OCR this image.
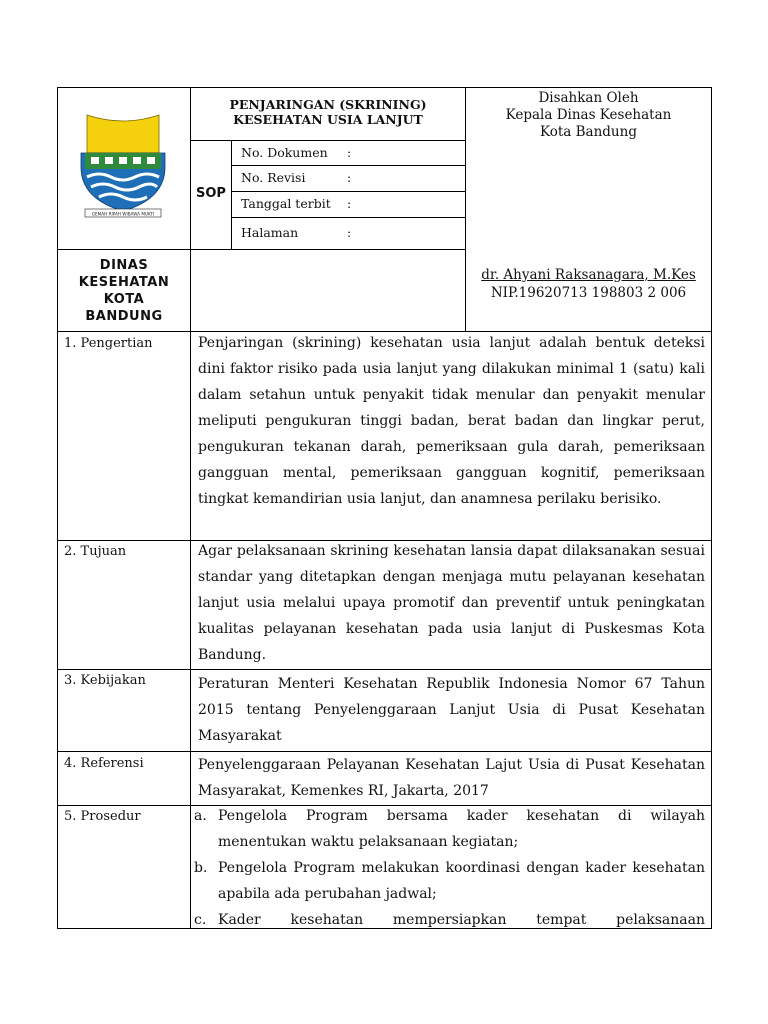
GEMAH RIPAH WIBAWA MUKTI
PENJARINGAN (SKRINING)
KESEHATAN USIA LANJUT
SOP
No. Dokumen :
No. Revisi	:
Tanggal terbit :
Halaman	:
Disahkan Oleh
Kepala Dinas Kesehatan
Kota Bandung
dr. Ahyani Raksanagara, M.Kes
NIP.19620713 198803 2 006
DINAS
KESEHATAN
KOTA
BANDUNG
1. Pengertian	Penjaringan (skrining) kesehatan usia lanjut adalah bentuk deteksi dini faktor risiko pada usia lanjut yang dilakukan minimal 1 (satu) kali dalam setahun untuk penyakit tidak menular dan penyakit menular meliputi pengukuran tinggi badan, berat badan dan lingkar perut, pengukuran tekanan darah, pemeriksaan gula darah, pemeriksaan gangguan mental, pemeriksaan gangguan kognitif, pemeriksaan tingkat kemandirian usia lanjut, dan anamnesa perilaku berisiko.
2. Tujuan	Agar pelaksanaan skrining kesehatan lansia dapat dilaksanakan sesuai standar yang ditetapkan dengan menjaga mutu pelayanan kesehatan lanjut usia melalui upaya promotif dan preventif untuk peningkatan kualitas pelayanan kesehatan pada usia lanjut di Puskesmas Kota Bandung.
3. Kebijakan	Peraturan Menteri Kesehatan Republik Indonesia Nomor 67 Tahun 2015 tentang Penyelenggaraan Lanjut Usia di Pusat Kesehatan Masyarakat
4. Referensi	Penyelenggaraan Pelayanan Kesehatan Lajut Usia di Pusat Kesehatan Masyarakat, Kemenkes RI, Jakarta, 2017
5. Prosedur	a. Pengelola Program bersama kader kesehatan di wilayah menentukan waktu pelaksanaan kegiatan;
b. Pengelola Program melakukan koordinasi dengan kader kesehatan apabila ada perubahan jadwal;
c. Kader kesehatan mempersiapkan tempat pelaksanaan
